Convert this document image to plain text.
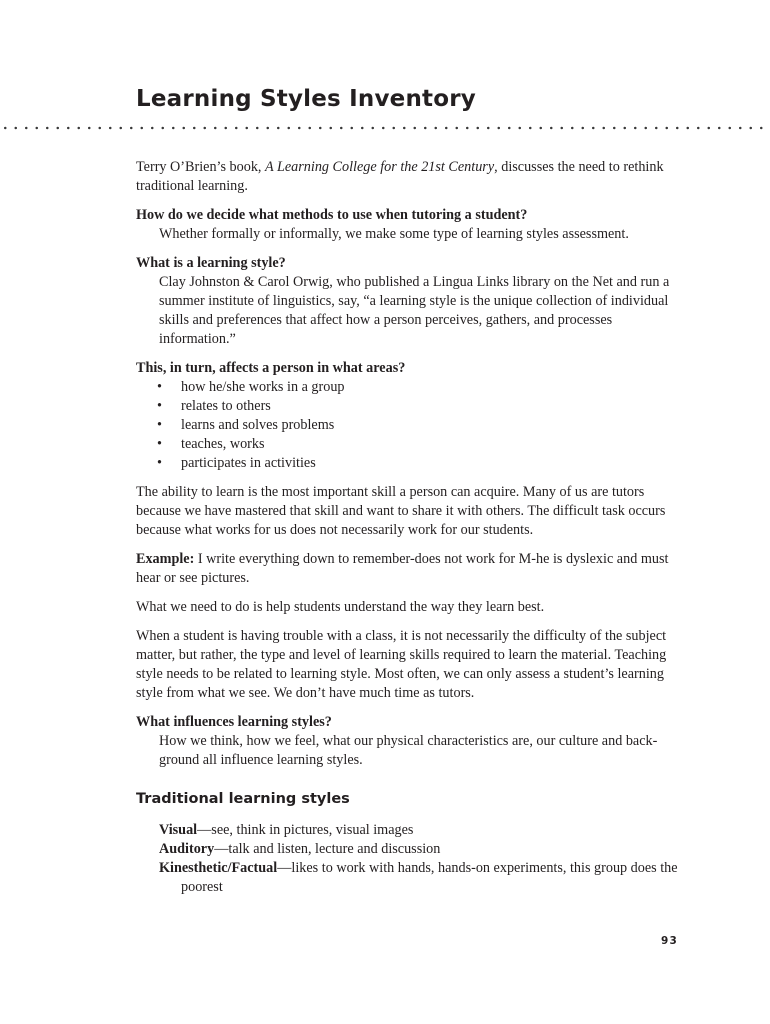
Learning Styles Inventory

Terry O’Brien’s book, A Learning College for the 21st Century, discusses the need to rethink traditional learning.

How do we decide what methods to use when tutoring a student?

Whether formally or informally, we make some type of learning styles assessment.

What is a learning style?

Clay Johnston & Carol Orwig, who published a Lingua Links library on the Net and run a summer institute of linguistics, say, “a learning style is the unique collection of individual skills and preferences that affect how a person perceives, gathers, and processes information.”

This, in turn, affects a person in what areas?

• how he/she works in a group
• relates to others
• learns and solves problems
• teaches, works
• participates in activities

The ability to learn is the most important skill a person can acquire. Many of us are tutors because we have mastered that skill and want to share it with others. The difficult task occurs because what works for us does not necessarily work for our students.

Example: I write everything down to remember-does not work for M-he is dyslexic and must hear or see pictures.

What we need to do is help students understand the way they learn best.

When a student is having trouble with a class, it is not necessarily the difficulty of the subject matter, but rather, the type and level of learning skills required to learn the material. Teaching style needs to be related to learning style. Most often, we can only assess a student’s learning style from what we see. We don’t have much time as tutors.

What influences learning styles?

How we think, how we feel, what our physical characteristics are, our culture and back-ground all influence learning styles.

Traditional learning styles

Visual—see, think in pictures, visual images

Auditory—talk and listen, lecture and discussion

Kinesthetic/Factual—likes to work with hands, hands-on experiments, this group does the poorest

93
